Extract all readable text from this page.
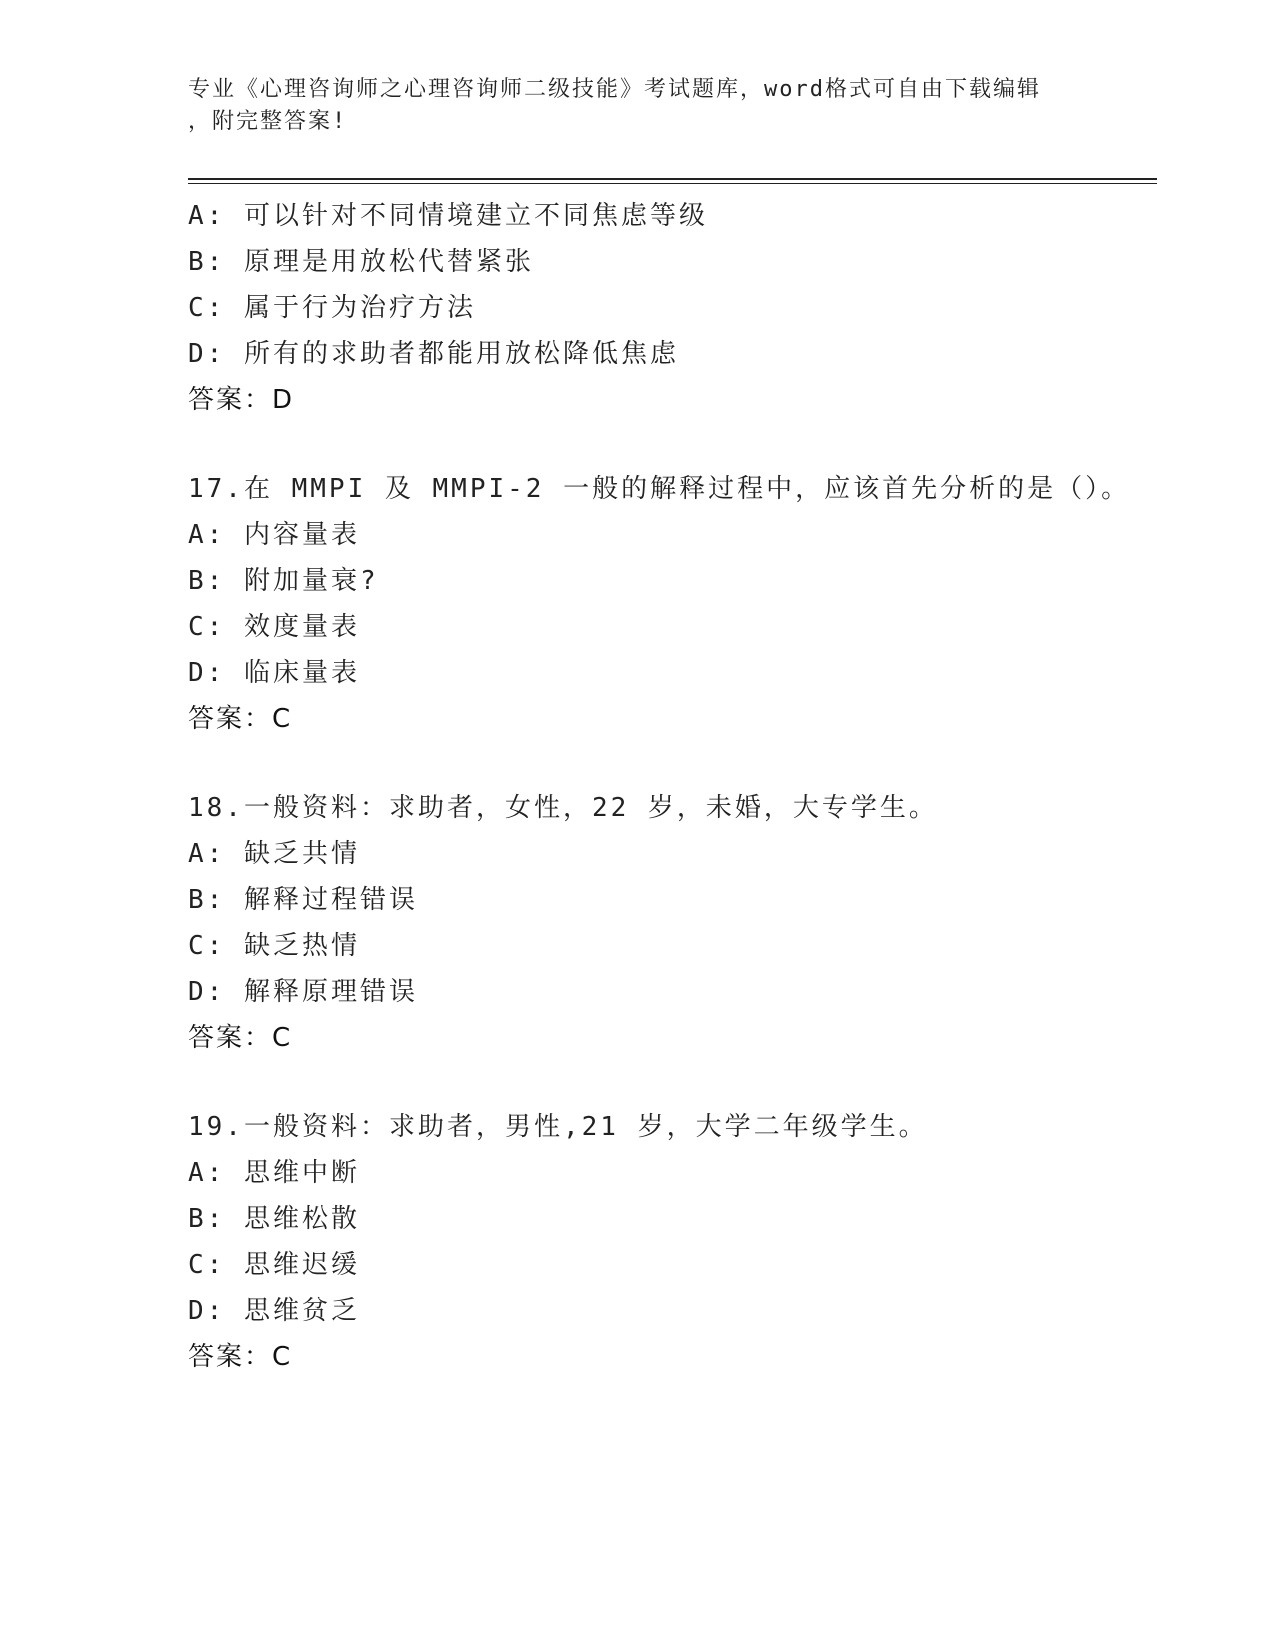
专业《心理咨询师之心理咨询师二级技能》考试题库，word格式可自由下载编辑
，附完整答案!
A: 可以针对不同情境建立不同焦虑等级
B: 原理是用放松代替紧张
C: 属于行为治疗方法
D: 所有的求助者都能用放松降低焦虑
答案：D
17.在 MMPI 及 MMPI-2 一般的解释过程中，应该首先分析的是（）。
A: 内容量表
B: 附加量衰?
C: 效度量表
D: 临床量表
答案：C
18.一般资料：求助者，女性，22 岁，未婚，大专学生。
A: 缺乏共情
B: 解释过程错误
C: 缺乏热情
D: 解释原理错误
答案：C
19.一般资料：求助者，男性,21 岁，大学二年级学生。
A: 思维中断
B: 思维松散
C: 思维迟缓
D: 思维贫乏
答案：C
